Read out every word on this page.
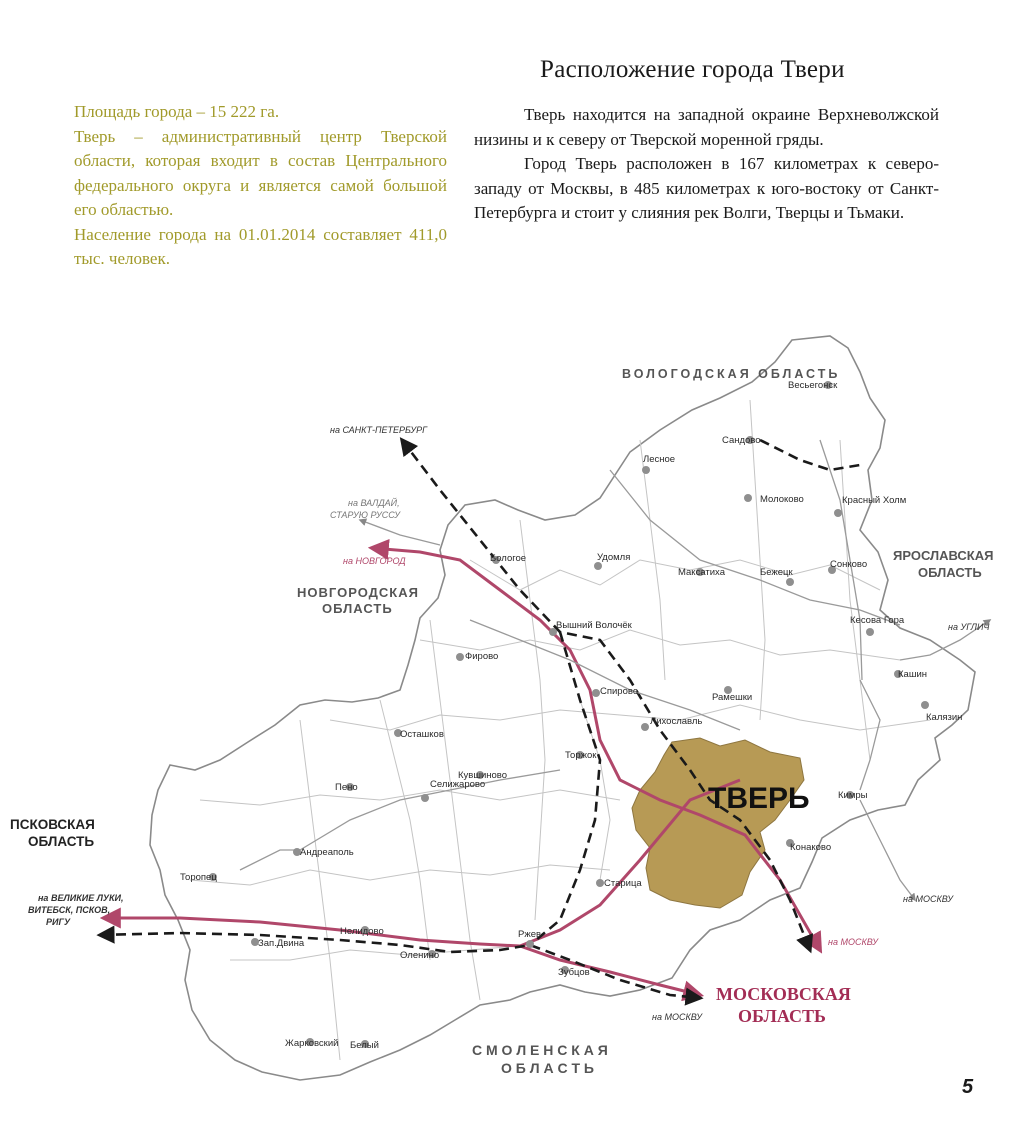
Расположение города Твери

Площадь города – 15 222 га.

Тверь – административный центр Тверской области, которая входит в состав Центрального федерального округа и является самой большой его областью.

Население города на 01.01.2014 составляет 411,0 тыс. человек.

Тверь находится на западной окраине Верхневолжской низины и к северу от Тверской моренной гряды.

Город Тверь расположен в 167 километрах к северо-западу от Москвы, в 485 километрах к юго-востоку от Санкт-Петербурга и стоит у слияния рек Волги, Тверцы и Тьмаки.

Весьегонск
Сандово
Лесное
Молоково	Красный Холм
Бежецк
Сонково
Кесова Гора
Максатиха
Удомля
Бологое
Вышний Волочёк
Спирово
Лихославль
Рамешки
Калязин
Кашин
Кимры
Конаково
Торжок
Кувшиново
Осташков
Селижарово
Фирово
Пено
Андреаполь
Торопец
Зап.Двина
Нелидово
Оленино
Ржев
Зубцов
Старица
Белый
Жарковский
ТВЕРЬ
ВОЛОГОДСКАЯ ОБЛАСТЬ
ЯРОСЛАВСКАЯ
ОБЛАСТЬ
НОВГОРОДСКАЯ
ОБЛАСТЬ
ПСКОВСКАЯ
ОБЛАСТЬ
С М О Л Е Н С К А Я
О Б Л А С Т Ь
МОСКОВСКАЯ
ОБЛАСТЬ
на САНКТ-ПЕТЕРБУРГ
на ВАЛДАЙ,
СТАРУЮ РУССУ
на НОВГОРОД
на УГЛИЧ
на МОСКВУ
на МОСКВУ
на МОСКВУ
на ВЕЛИКИЕ ЛУКИ,
ВИТЕБСК, ПСКОВ,
РИГУ
5
